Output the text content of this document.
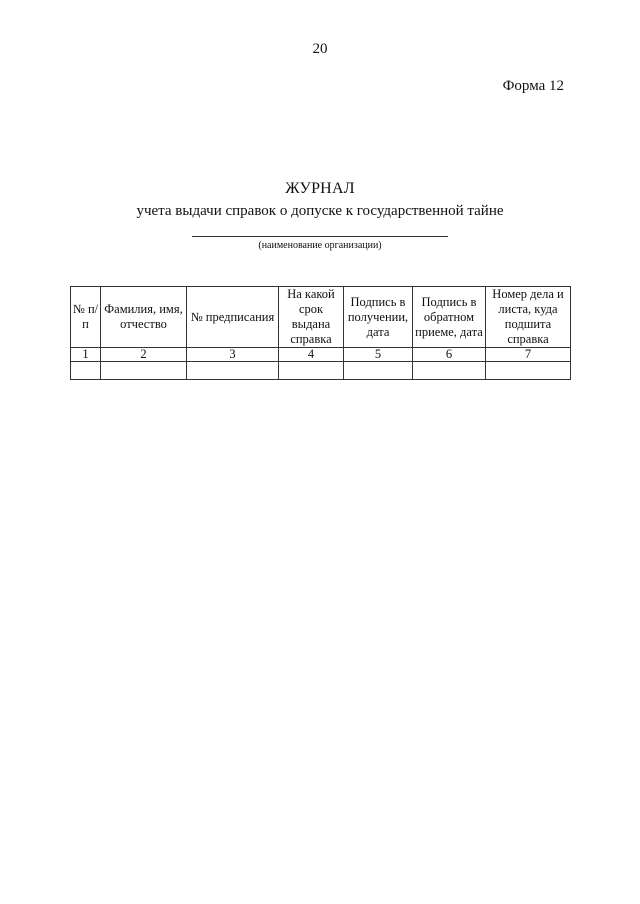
20
Форма 12
ЖУРНАЛ
учета выдачи справок о допуске к государственной тайне
(наименование организации)
№ п/п	Фамилия, имя, отчество	№ предписания	На какой срок выдана справка	Подпись в получении, дата	Подпись в обратном приеме, дата	Номер дела и листа, куда подшита справка
1	2	3	4	5	6	7
